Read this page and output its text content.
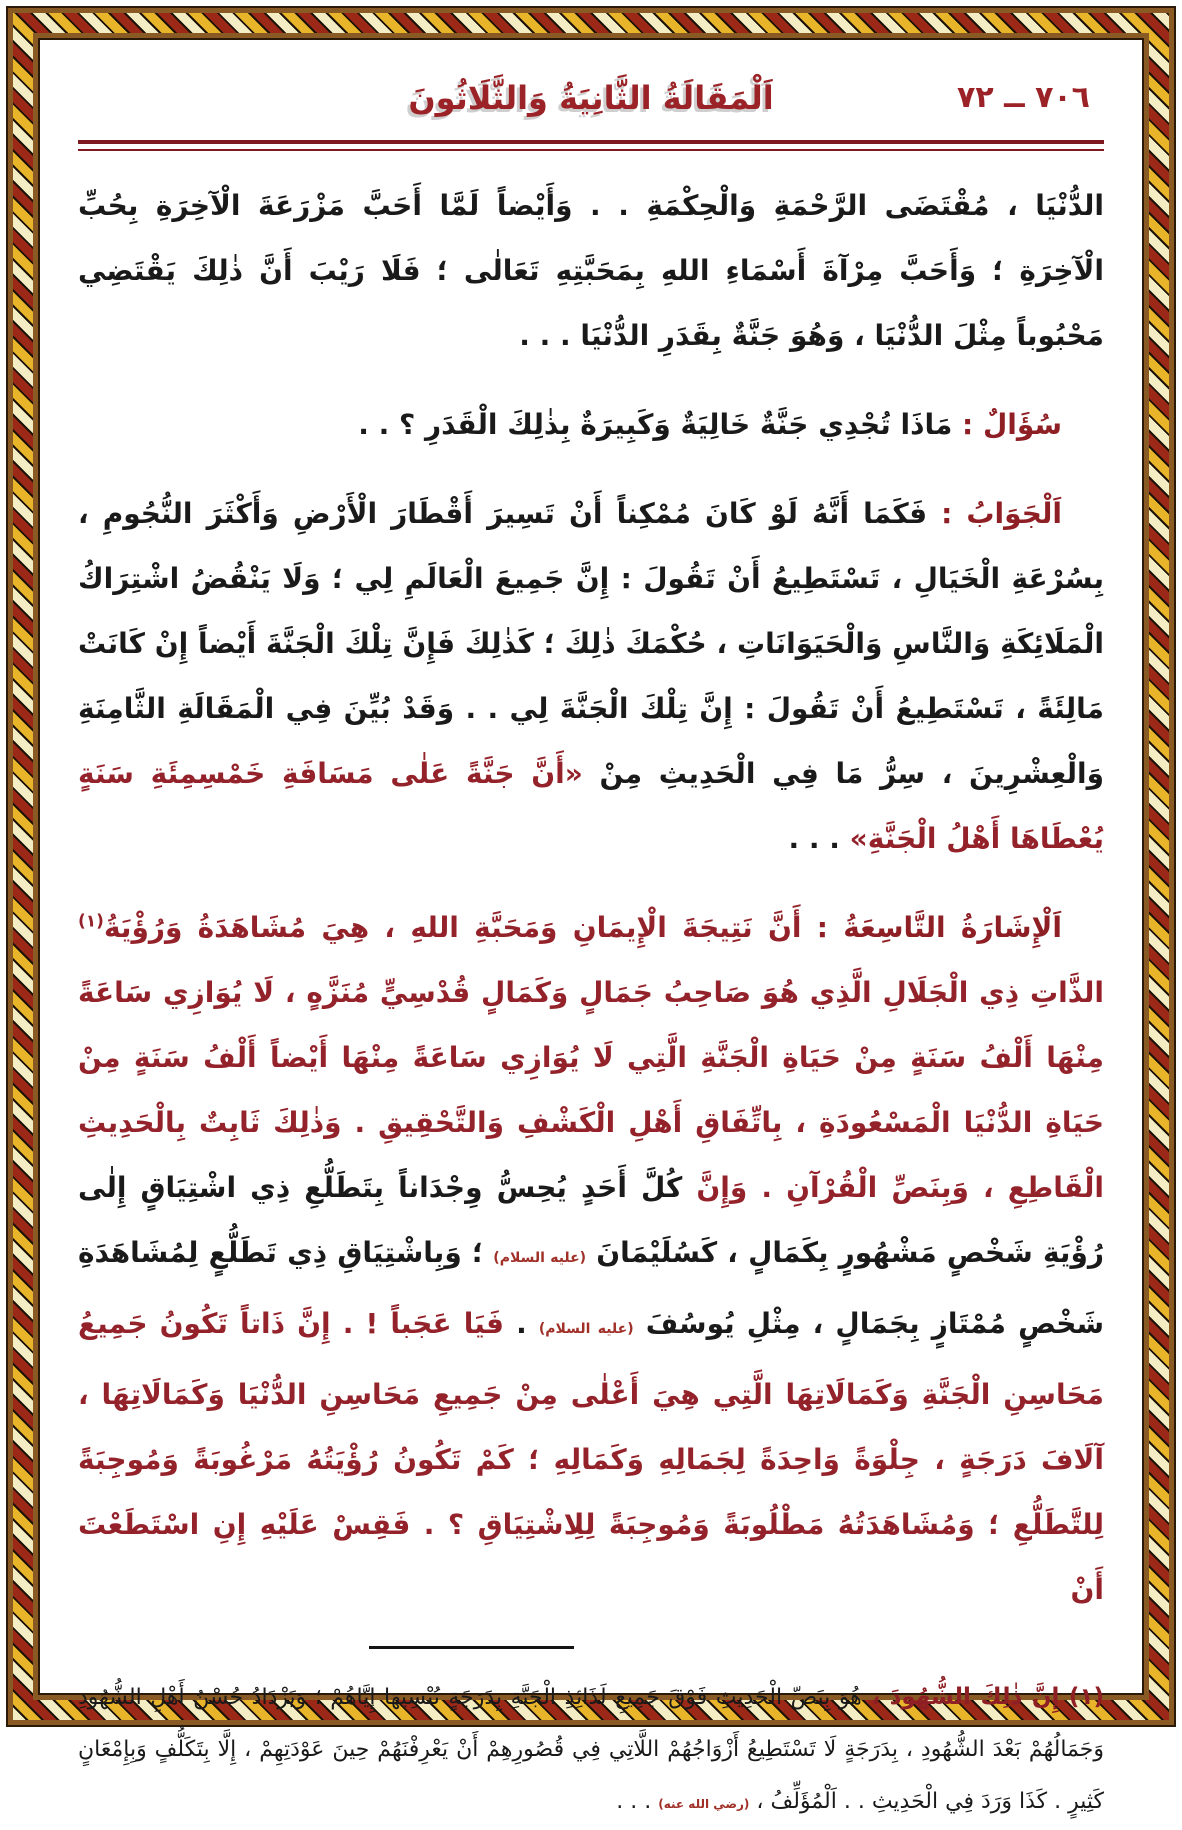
٧٠٦ ــ ٧٢
اَلْمَقَالَةُ الثَّانِيَةُ وَالثَّلَاثُونَ

الدُّنْيَا ، مُقْتَضَى الرَّحْمَةِ وَالْحِكْمَةِ . . وَأَيْضاً لَمَّا أَحَبَّ مَزْرَعَةَ الْآخِرَةِ بِحُبِّ الْآخِرَةِ ؛ وَأَحَبَّ مِرْآةَ أَسْمَاءِ اللهِ بِمَحَبَّتِهِ تَعَالٰى ؛ فَلَا رَيْبَ أَنَّ ذٰلِكَ يَقْتَضِي مَحْبُوباً مِثْلَ الدُّنْيَا ، وَهُوَ جَنَّةٌ بِقَدَرِ الدُّنْيَا . . .

سُؤَالٌ : مَاذَا تُجْدِي جَنَّةٌ خَالِيَةٌ وَكَبِيرَةٌ بِذٰلِكَ الْقَدَرِ ؟ . .

اَلْجَوَابُ : فَكَمَا أَنَّهُ لَوْ كَانَ مُمْكِناً أَنْ تَسِيرَ أَقْطَارَ الْأَرْضِ وَأَكْثَرَ النُّجُومِ ، بِسُرْعَةِ الْخَيَالِ ، تَسْتَطِيعُ أَنْ تَقُولَ : إِنَّ جَمِيعَ الْعَالَمِ لِي ؛ وَلَا يَنْقُضُ اشْتِرَاكُ الْمَلَائِكَةِ وَالنَّاسِ وَالْحَيَوَانَاتِ ، حُكْمَكَ ذٰلِكَ ؛ كَذٰلِكَ فَإِنَّ تِلْكَ الْجَنَّةَ أَيْضاً إِنْ كَانَتْ مَالِئَةً ، تَسْتَطِيعُ أَنْ تَقُولَ : إِنَّ تِلْكَ الْجَنَّةَ لِي . . وَقَدْ بُيِّنَ فِي الْمَقَالَةِ الثَّامِنَةِ وَالْعِشْرِينَ ، سِرُّ مَا فِي الْحَدِيثِ مِنْ «أَنَّ جَنَّةً عَلٰى مَسَافَةِ خَمْسِمِئَةِ سَنَةٍ يُعْطَاهَا أَهْلُ الْجَنَّةِ» . . .

اَلْإِشَارَةُ التَّاسِعَةُ : أَنَّ نَتِيجَةَ الْإِيمَانِ وَمَحَبَّةِ اللهِ ، هِيَ مُشَاهَدَةُ وَرُؤْيَةُ$^{(١)}$ الذَّاتِ ذِي الْجَلَالِ الَّذِي هُوَ صَاحِبُ جَمَالٍ وَكَمَالٍ قُدْسِيٍّ مُنَزَّهٍ ، لَا يُوَازِي سَاعَةً مِنْهَا أَلْفُ سَنَةٍ مِنْ حَيَاةِ الْجَنَّةِ الَّتِي لَا يُوَازِي سَاعَةً مِنْهَا أَيْضاً أَلْفُ سَنَةٍ مِنْ حَيَاةِ الدُّنْيَا الْمَسْعُودَةِ ، بِاتِّفَاقِ أَهْلِ الْكَشْفِ وَالتَّحْقِيقِ . وَذٰلِكَ ثَابِتٌ بِالْحَدِيثِ الْقَاطِعِ ، وَبِنَصِّ الْقُرْآنِ . وَإِنَّ كُلَّ أَحَدٍ يُحِسُّ وِجْدَاناً بِتَطَلُّعِ ذِي اشْتِيَاقٍ إِلٰى رُؤْيَةِ شَخْصٍ مَشْهُورٍ بِكَمَالٍ ، كَسُلَيْمَانَ (عليه السلام) ؛ وَبِاشْتِيَاقِ ذِي تَطَلُّعٍ لِمُشَاهَدَةِ شَخْصٍ مُمْتَازٍ بِجَمَالٍ ، مِثْلِ يُوسُفَ (عليه السلام) . فَيَا عَجَباً ! . إِنَّ ذَاتاً تَكُونُ جَمِيعُ مَحَاسِنِ الْجَنَّةِ وَكَمَالَاتِهَا الَّتِي هِيَ أَعْلٰى مِنْ جَمِيعِ مَحَاسِنِ الدُّنْيَا وَكَمَالَاتِهَا ، آلَافَ دَرَجَةٍ ، جِلْوَةً وَاحِدَةً لِجَمَالِهِ وَكَمَالِهِ ؛ كَمْ تَكُونُ رُؤْيَتُهُ مَرْغُوبَةً وَمُوجِبَةً لِلتَّطَلُّعِ ؛ وَمُشَاهَدَتُهُ مَطْلُوبَةً وَمُوجِبَةً لِلِاشْتِيَاقِ ؟ . فَقِسْ عَلَيْهِ إِنِ اسْتَطَعْتَ أَنْ

(١) إِنَّ ذٰلِكَ الشُّهُودَ ، هُوَ بِنَصِّ الْحَدِيثِ فَوْقَ جَمِيعِ لَذَائِذِ الْجَنَّةِ بِدَرَجَةٍ تُنْسِيهَا إِيَّاهُمْ ؛ وَيَزْدَادُ حُسْنُ أَهْلِ الشُّهُودِ وَجَمَالُهُمْ بَعْدَ الشُّهُودِ ، بِدَرَجَةٍ لَا تَسْتَطِيعُ أَزْوَاجُهُمْ اللَّاتِي فِي قُصُورِهِمْ أَنْ يَعْرِفْنَهُمْ حِينَ عَوْدَتِهِمْ ، إِلَّا بِتَكَلُّفٍ وَبِإِمْعَانٍ كَثِيرٍ . كَذَا وَرَدَ فِي الْحَدِيثِ . . اَلْمُؤَلِّفُ ، (رضي الله عنه) . . .
